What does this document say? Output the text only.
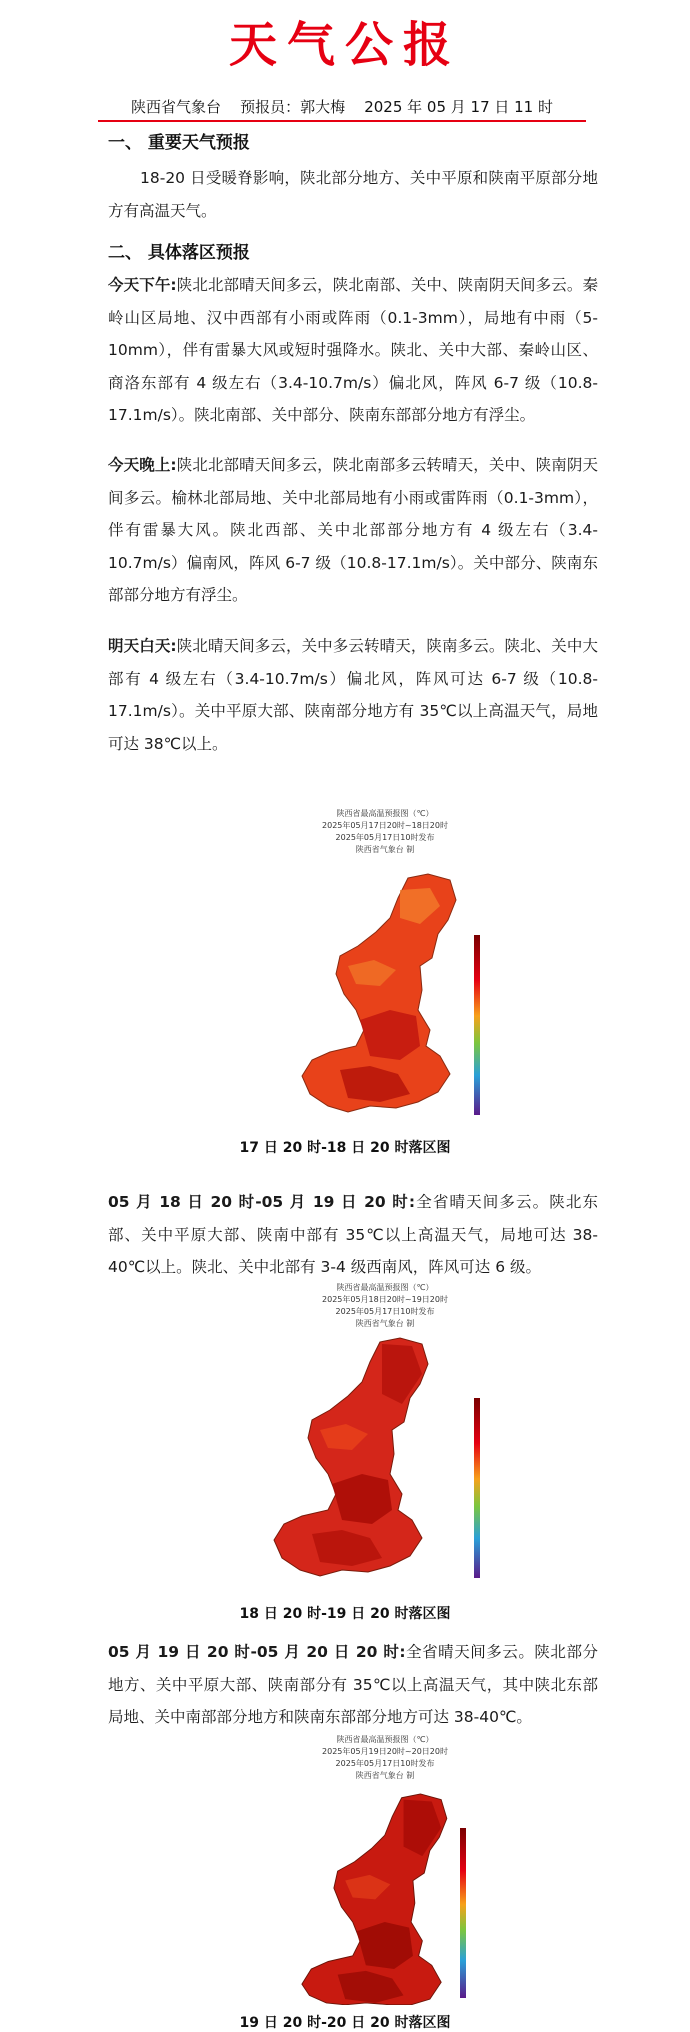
天气公报
陕西省气象台 预报员：郭大梅 2025 年 05 月 17 日 11 时
一、 重要天气预报
18-20 日受暖脊影响，陕北部分地方、关中平原和陕南平原部分地方有高温天气。
二、 具体落区预报
今天下午:陕北北部晴天间多云，陕北南部、关中、陕南阴天间多云。秦岭山区局地、汉中西部有小雨或阵雨（0.1-3mm），局地有中雨（5-10mm），伴有雷暴大风或短时强降水。陕北、关中大部、秦岭山区、商洛东部有 4 级左右（3.4-10.7m/s）偏北风，阵风 6-7 级（10.8-17.1m/s）。陕北南部、关中部分、陕南东部部分地方有浮尘。
今天晚上:陕北北部晴天间多云，陕北南部多云转晴天，关中、陕南阴天间多云。榆林北部局地、关中北部局地有小雨或雷阵雨（0.1-3mm），伴有雷暴大风。陕北西部、关中北部部分地方有 4 级左右（3.4-10.7m/s）偏南风，阵风 6-7 级（10.8-17.1m/s）。关中部分、陕南东部部分地方有浮尘。
明天白天:陕北晴天间多云，关中多云转晴天，陕南多云。陕北、关中大部有 4 级左右（3.4-10.7m/s）偏北风，阵风可达 6-7 级（10.8-17.1m/s）。关中平原大部、陕南部分地方有 35℃以上高温天气，局地可达 38℃以上。
陕西省最高温预报图（℃）
2025年05月17日20时~18日20时
2025年05月17日10时发布
陕西省气象台 制
17 日 20 时-18 日 20 时落区图
05 月 18 日 20 时-05 月 19 日 20 时:全省晴天间多云。陕北东部、关中平原大部、陕南中部有 35℃以上高温天气，局地可达 38-40℃以上。陕北、关中北部有 3-4 级西南风，阵风可达 6 级。
陕西省最高温预报图（℃）
2025年05月18日20时~19日20时
2025年05月17日10时发布
陕西省气象台 制
18 日 20 时-19 日 20 时落区图
05 月 19 日 20 时-05 月 20 日 20 时:全省晴天间多云。陕北部分地方、关中平原大部、陕南部分有 35℃以上高温天气，其中陕北东部局地、关中南部部分地方和陕南东部部分地方可达 38-40℃。
陕西省最高温预报图（℃）
2025年05月19日20时~20日20时
2025年05月17日10时发布
陕西省气象台 制
19 日 20 时-20 日 20 时落区图
